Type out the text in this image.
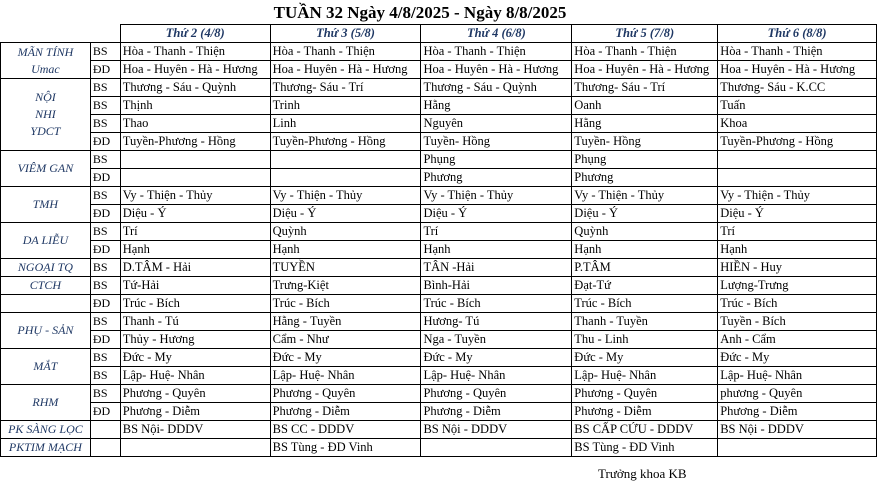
TUẦN 32 Ngày 4/8/2025 - Ngày 8/8/2025
		Thứ 2 (4/8)	Thứ 3 (5/8)	Thứ 4 (6/8)	Thứ 5 (7/8)	Thứ 6 (8/8)
MÃN TÍNH
Umac	BS	Hòa - Thanh - Thiện	Hòa - Thanh - Thiện	Hòa - Thanh - Thiện	Hòa - Thanh - Thiện	Hòa - Thanh - Thiện
	ĐD	Hoa - Huyên - Hà - Hương	Hoa - Huyên - Hà - Hương	Hoa - Huyên - Hà - Hương	Hoa - Huyên - Hà - Hương	Hoa - Huyên - Hà - Hương
NỘI
NHI
YDCT	BS	Thương - Sáu - Quỳnh	Thương- Sáu - Trí	Thương - Sáu - Quỳnh	Thương- Sáu - Trí	Thương- Sáu - K.CC
	BS	Thịnh	Trinh	Hằng	Oanh	Tuấn
	BS	Thao	Linh	Nguyên	Hằng	Khoa
	ĐD	Tuyền-Phương - Hồng	Tuyền-Phương - Hồng	Tuyền- Hồng	Tuyền- Hồng	Tuyền-Phương - Hồng
VIÊM GAN	BS			Phụng	Phụng	
	ĐD			Phương	Phương	
TMH	BS	Vy - Thiện - Thủy	Vy - Thiện - Thủy	Vy - Thiện - Thủy	Vy - Thiện - Thủy	Vy - Thiện - Thủy
	ĐD	Diệu - Ý	Diệu - Ý	Diệu - Ý	Diệu - Ý	Diệu - Ý
DA LIỄU	BS	Trí	Quỳnh	Trí	Quỳnh	Trí
	ĐD	Hạnh	Hạnh	Hạnh	Hạnh	Hạnh
NGOẠI TQ	BS	D.TÂM - Hải	TUYỀN	TÂN -Hải	P.TÂM	HIỀN - Huy
CTCH	BS	Tứ-Hải	Trưng-Kiệt	Bình-Hải	Đạt-Tứ	Lượng-Trưng
	ĐD	Trúc - Bích	Trúc - Bích	Trúc - Bích	Trúc - Bích	Trúc - Bích
PHỤ - SẢN	BS	Thanh - Tú	Hằng - Tuyền	Hương- Tú	Thanh - Tuyền	Tuyền - Bích
	ĐD	Thủy - Hương	Cẩm - Như	Nga - Tuyền	Thu - Linh	Anh - Cẩm
MẮT	BS	Đức - My	Đức - My	Đức - My	Đức - My	Đức - My
	BS	Lập- Huệ- Nhân	Lập- Huệ- Nhân	Lập- Huệ- Nhân	Lập- Huệ- Nhân	Lập- Huệ- Nhân
RHM	BS	Phương - Quyên	Phương - Quyên	Phương - Quyên	Phương - Quyên	phương - Quyên
	ĐD	Phương - Diễm	Phương - Diễm	Phương - Diễm	Phương - Diễm	Phương - Diễm
PK SÀNG LỌC		BS Nội- DDDV	BS CC - DDDV	BS Nội - DDDV	BS CẤP CỨU - DDDV	BS Nội - DDDV
PKTIM MẠCH			BS Tùng - ĐD Vinh		BS Tùng - ĐD Vinh	
Trưởng khoa KB
